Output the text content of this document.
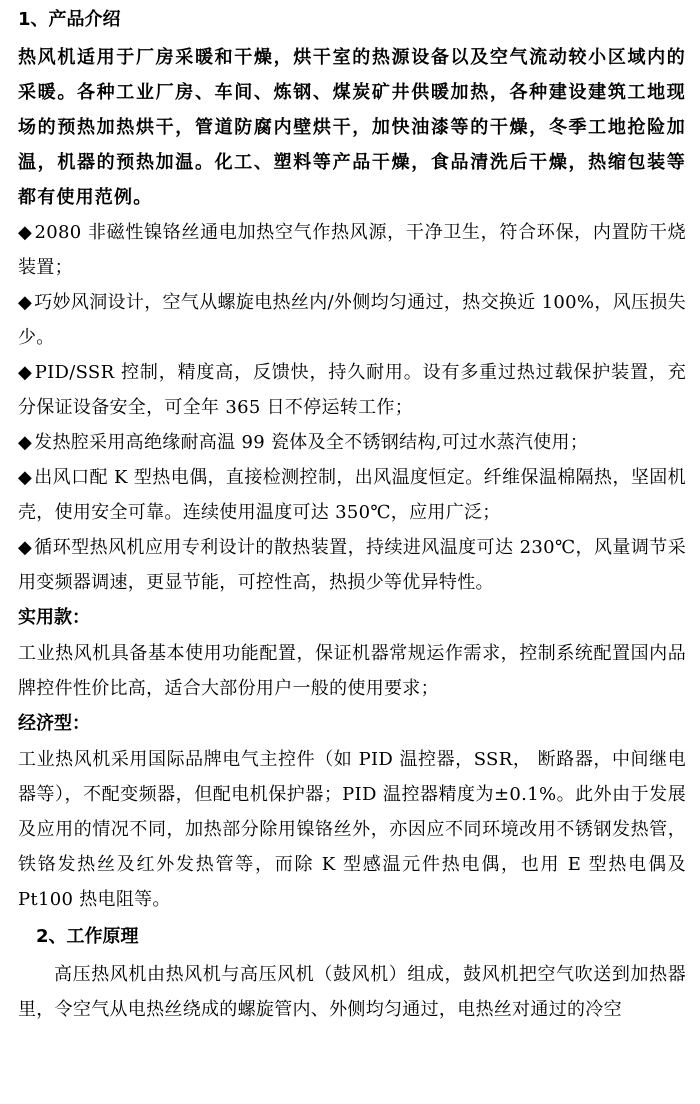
1、产品介绍

热风机适用于厂房采暖和干燥，烘干室的热源设备以及空气流动较小区域内的采暖。各种工业厂房、车间、炼钢、煤炭矿井供暖加热，各种建设建筑工地现场的预热加热烘干，管道防腐内壁烘干，加快油漆等的干燥，冬季工地抢险加温，机器的预热加温。化工、塑料等产品干燥，食品清洗后干燥，热缩包装等 都有使用范例。

◆ 2080 非磁性镍铬丝通电加热空气作热风源，干净卫生，符合环保，内置防干烧装置；

◆ 巧妙风洞设计，空气从螺旋电热丝内/外侧均匀通过，热交换近 100%，风压损失少。

◆ PID/SSR 控制，精度高，反馈快，持久耐用。设有多重过热过载保护装置，充分保证设备安全，可全年 365 日不停运转工作；

◆ 发热腔采用高绝缘耐高温 99 瓷体及全不锈钢结构,可过水蒸汽使用；

◆ 出风口配 K 型热电偶，直接检测控制，出风温度恒定。纤维保温棉隔热，坚固机壳，使用安全可靠。连续使用温度可达 350℃，应用广泛；

◆ 循环型热风机应用专利设计的散热装置，持续进风温度可达 230℃，风量调节采用变频器调速，更显节能，可控性高，热损少等优异特性。

实用款：

工业热风机具备基本使用功能配置，保证机器常规运作需求，控制系统配置国内品牌控件性价比高，适合大部份用户一般的使用要求；

经济型：

工业热风机采用国际品牌电气主控件（如 PID 温控器，SSR， 断路器，中间继电器等），不配变频器，但配电机保护器；PID 温控器精度为±0.1%。此外由于发展及应用的情况不同，加热部分除用镍铬丝外，亦因应不同环境改用不锈钢发热管，铁铬发热丝及红外发热管等，而除 K 型感温元件热电偶，也用 E 型热电偶及 Pt100 热电阻等。

2、工作原理

高压热风机由热风机与高压风机（鼓风机）组成，鼓风机把空气吹送到加热器里，令空气从电热丝绕成的螺旋管内、外侧均匀通过，电热丝对通过的冷空
